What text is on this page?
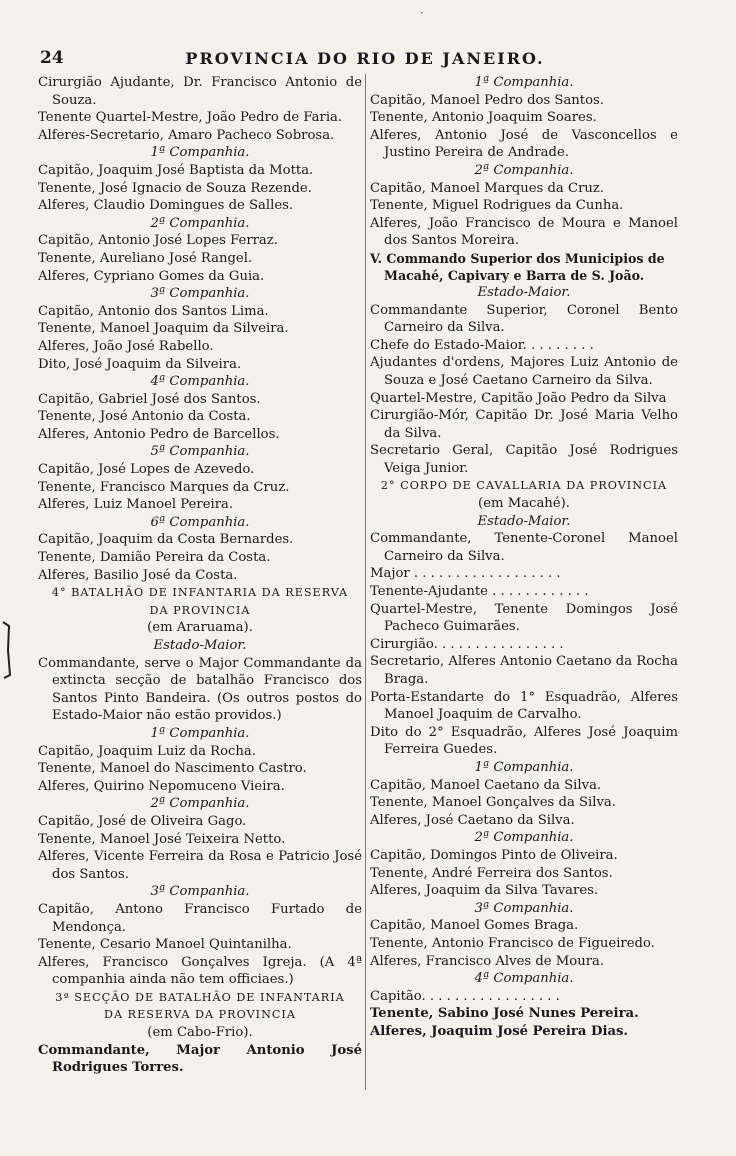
·
24	PROVINCIA DO RIO DE JANEIRO.
Cirurgião Ajudante, Dr. Francisco Antonio de Souza.
Tenente Quartel-Mestre, João Pedro de Faria.
Alferes-Secretario, Amaro Pacheco Sobrosa.
1ª Companhia.
Capitão, Joaquim José Baptista da Motta.
Tenente, José Ignacio de Souza Rezende.
Alferes, Claudio Domingues de Salles.
2ª Companhia.
Capitão, Antonio José Lopes Ferraz.
Tenente, Aureliano José Rangel.
Alferes, Cypriano Gomes da Guia.
3ª Companhia.
Capitão, Antonio dos Santos Lima.
Tenente, Manoel Joaquim da Silveira.
Alferes, João José Rabello.
Dito, José Joaquim da Silveira.
4ª Companhia.
Capitão, Gabriel José dos Santos.
Tenente, José Antonio da Costa.
Alferes, Antonio Pedro de Barcellos.
5ª Companhia.
Capitão, José Lopes de Azevedo.
Tenente, Francisco Marques da Cruz.
Alferes, Luiz Manoel Pereira.
6ª Companhia.
Capitão, Joaquim da Costa Bernardes.
Tenente, Damião Pereira da Costa.
Alferes, Basilio José da Costa.
4° BATALHÃO DE INFANTARIA DA RESERVA
DA PROVINCIA
(em Araruama).
Estado-Maior.
Commandante, serve o Major Commandante da extincta secção de batalhão Francisco dos Santos Pinto Bandeira. (Os outros postos do Estado-Maior não estão providos.)
1ª Companhia.
Capitão, Joaquim Luiz da Rocha.
Tenente, Manoel do Nascimento Castro.
Alferes, Quirino Nepomuceno Vieira.
2ª Companhia.
Capitão, José de Oliveira Gago.
Tenente, Manoel José Teixeira Netto.
Alferes, Vicente Ferreira da Rosa e Patricio José dos Santos.
3ª Companhia.
Capitão, Antono Francisco Furtado de Mendonça.
Tenente, Cesario Manoel Quintanilha.
Alferes, Francisco Gonçalves Igreja. (A 4ª companhia ainda não tem officiaes.)
3ª SECÇÃO DE BATALHÃO DE INFANTARIA
DA RESERVA DA PROVINCIA
(em Cabo-Frio).
Commandante, Major Antonio José Rodrigues Torres.
1ª Companhia.
Capitão, Manoel Pedro dos Santos.
Tenente, Antonio Joaquim Soares.
Alferes, Antonio José de Vasconcellos e Justino Pereira de Andrade.
2ª Companhia.
Capitão, Manoel Marques da Cruz.
Tenente, Miguel Rodrigues da Cunha.
Alferes, João Francisco de Moura e Manoel dos Santos Moreira.
V. Commando Superior dos Municipios de Macahé, Capivary e Barra de S. João.
Estado-Maior.
Commandante Superior, Coronel Bento Carneiro da Silva.
Chefe do Estado-Maior. . . . . . . . .
Ajudantes d'ordens, Majores Luiz Antonio de Souza e José Caetano Carneiro da Silva.
Quartel-Mestre, Capitão João Pedro da Silva
Cirurgião-Mór, Capitão Dr. José Maria Velho da Silva.
Secretario Geral, Capitão José Rodrigues Veiga Junior.
2° CORPO DE CAVALLARIA DA PROVINCIA
(em Macahé).
Estado-Maior.
Commandante, Tenente-Coronel Manoel Carneiro da Silva.
Major . . . . . . . . . . . . . . . . . .
Tenente-Ajudante . . . . . . . . . . . .
Quartel-Mestre, Tenente Domingos José Pacheco Guimarães.
Cirurgião. . . . . . . . . . . . . . . .
Secretario, Alferes Antonio Caetano da Rocha Braga.
Porta-Estandarte do 1° Esquadrão, Alferes Manoel Joaquim de Carvalho.
Dito do 2° Esquadrão, Alferes José Joaquim Ferreira Guedes.
1ª Companhia.
Capitão, Manoel Caetano da Silva.
Tenente, Manoel Gonçalves da Silva.
Alferes, José Caetano da Silva.
2ª Companhia.
Capitão, Domingos Pinto de Oliveira.
Tenente, André Ferreira dos Santos.
Alferes, Joaquim da Silva Tavares.
3ª Companhia.
Capitão, Manoel Gomes Braga.
Tenente, Antonio Francisco de Figueiredo.
Alferes, Francisco Alves de Moura.
4ª Companhia.
Capitão. . . . . . . . . . . . . . . . .
Tenente, Sabino José Nunes Pereira.
Alferes, Joaquim José Pereira Dias.
